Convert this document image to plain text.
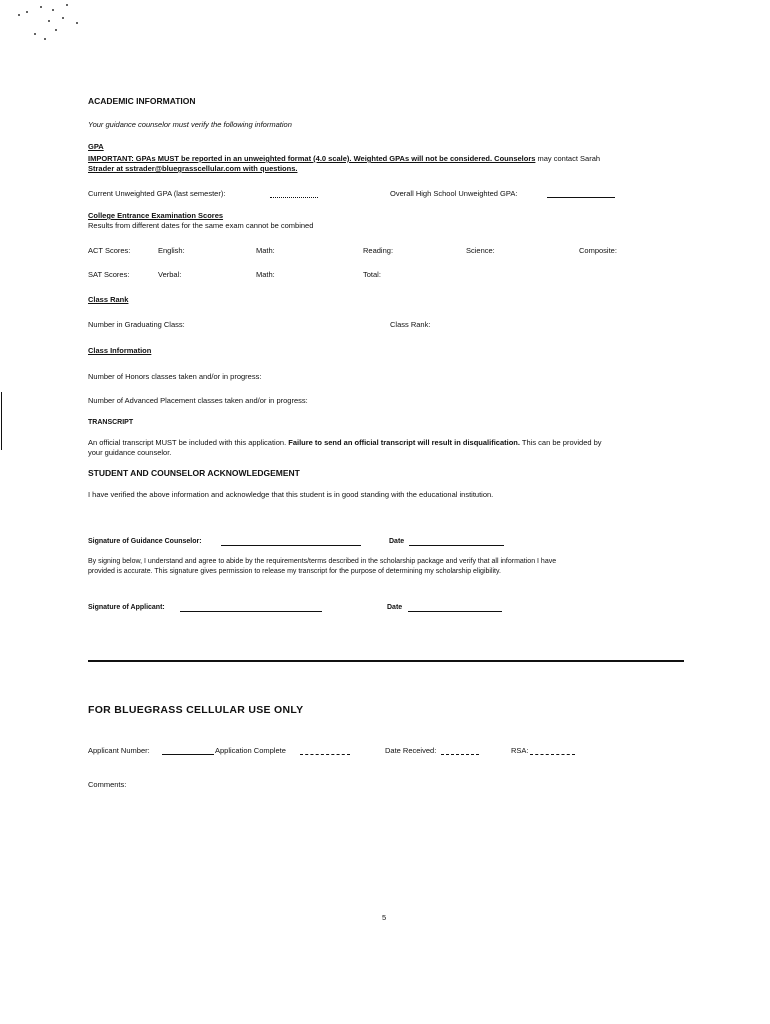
ACADEMIC INFORMATION
Your guidance counselor must verify the following information
GPA
IMPORTANT: GPAs MUST be reported in an unweighted format (4.0 scale). Weighted GPAs will not be considered. Counselors may contact Sarah
Strader at sstrader@bluegrasscellular.com with questions.
Current Unweighted GPA (last semester):	Overall High School Unweighted GPA:
College Entrance Examination Scores
Results from different dates for the same exam cannot be combined
ACT Scores:	English:	Math:	Reading:	Science:	Composite:
SAT Scores:	Verbal:	Math:	Total:
Class Rank
Number in Graduating Class:	Class Rank:
Class Information
Number of Honors classes taken and/or in progress:
Number of Advanced Placement classes taken and/or in progress:
TRANSCRIPT
An official transcript MUST be included with this application. Failure to send an official transcript will result in disqualification. This can be provided by
your guidance counselor.
STUDENT AND COUNSELOR ACKNOWLEDGEMENT
I have verified the above information and acknowledge that this student is in good standing with the educational institution.
Signature of Guidance Counselor:	Date
By signing below, I understand and agree to abide by the requirements/terms described in the scholarship package and verify that all information I have
provided is accurate. This signature gives permission to release my transcript for the purpose of determining my scholarship eligibility.
Signature of Applicant:	Date
FOR BLUEGRASS CELLULAR USE ONLY
Applicant Number:	Application Complete	Date Received:	RSA:
Comments:
5
